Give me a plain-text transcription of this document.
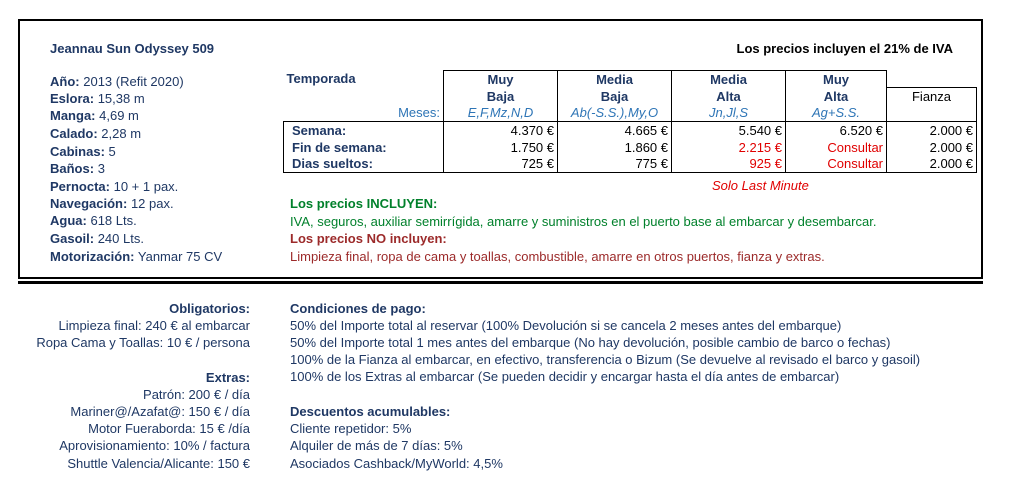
Jeannau Sun Odyssey 509	Los precios incluyen el 21% de IVA
Año: 2013 (Refit 2020)
Eslora: 15,38 m
Manga: 4,69 m
Calado: 2,28 m
Cabinas: 5
Baños: 3
Pernocta: 10 + 1 pax.
Navegación: 12 pax.
Agua: 618 Lts.
Gasoil: 240 Lts.
Motorización: Yanmar 75 CV
Temporada	Muy	Media	Media	Muy	
	Baja	Baja	Alta	Alta	Fianza
Meses:	E,F,Mz,N,D	Ab(-S.S.),My,O	Jn,Jl,S	Ag+S.S.	
Semana:	4.370 €	4.665 €	5.540 €	6.520 €	2.000 €
Fin de semana:	1.750 €	1.860 €	2.215 €	Consultar	2.000 €
Dias sueltos:	725 €	775 €	925 €	Consultar	2.000 €
Solo Last Minute
Los precios INCLUYEN:
IVA, seguros, auxiliar semirrígida, amarre y suministros en el puerto base al embarcar y desembarcar.
Los precios NO incluyen:
Limpieza final, ropa de cama y toallas, combustible, amarre en otros puertos, fianza y extras.
Obligatorios:
Limpieza final: 240 € al embarcar
Ropa Cama y Toallas: 10 € / persona
Extras:
Patrón: 200 € / día
Mariner@/Azafat@: 150 € / día
Motor Fueraborda: 15 € /día
Aprovisionamiento: 10% / factura
Shuttle Valencia/Alicante: 150 €
Condiciones de pago:
50% del Importe total al reservar (100% Devolución si se cancela 2 meses antes del embarque)
50% del Importe total 1 mes antes del embarque (No hay devolución, posible cambio de barco o fechas)
100% de la Fianza al embarcar, en efectivo, transferencia o Bizum (Se devuelve al revisado el barco y gasoil)
100% de los Extras al embarcar (Se pueden decidir y encargar hasta el día antes de embarcar)
Descuentos acumulables:
Cliente repetidor: 5%
Alquiler de más de 7 días: 5%
Asociados Cashback/MyWorld: 4,5%
